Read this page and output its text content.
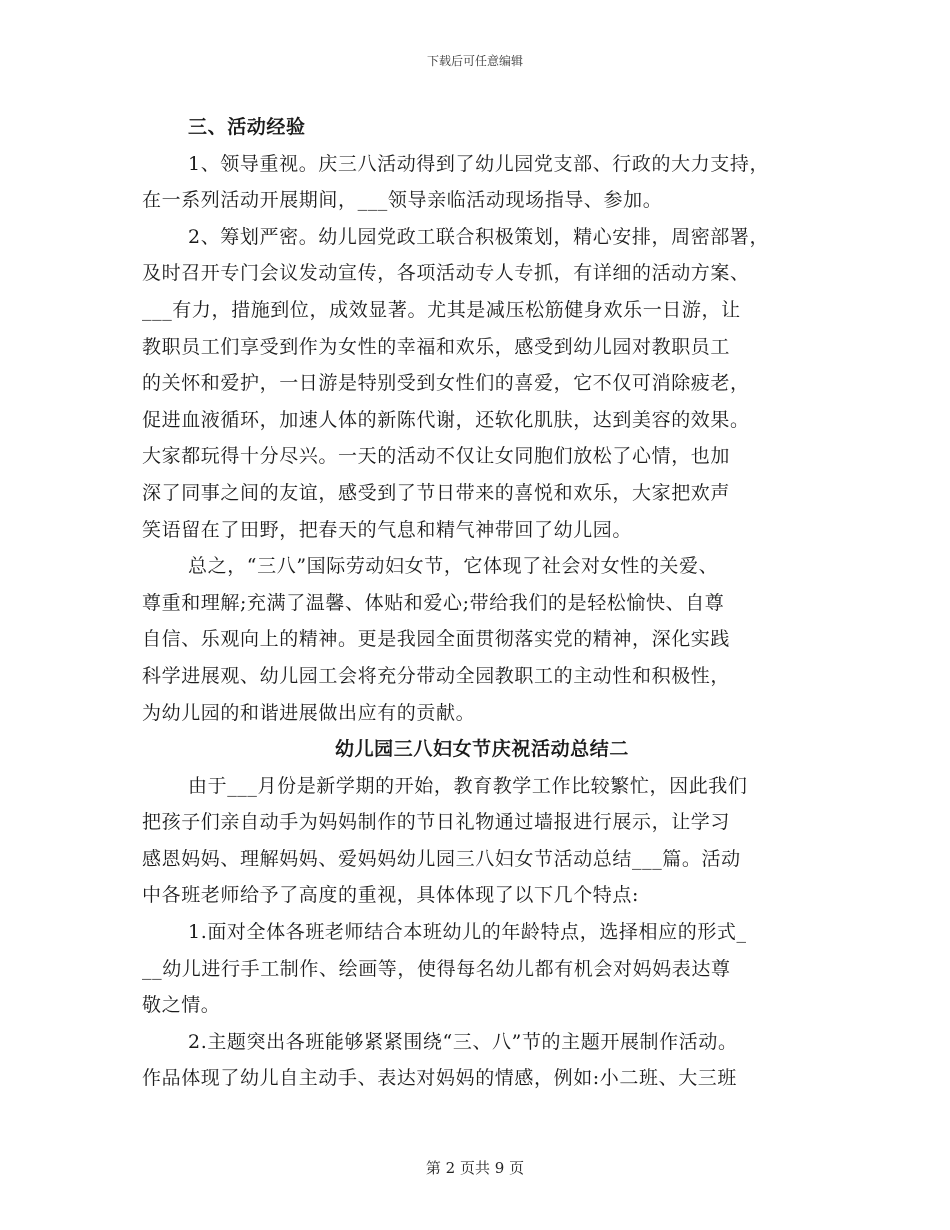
下载后可任意编辑
三、活动经验
1、领导重视。庆三八活动得到了幼儿园党支部、行政的大力支持，
在一系列活动开展期间，___领导亲临活动现场指导、参加。
2、筹划严密。幼儿园党政工联合积极策划，精心安排，周密部署，
及时召开专门会议发动宣传，各项活动专人专抓，有详细的活动方案、
___有力，措施到位，成效显著。尤其是减压松筋健身欢乐一日游，让
教职员工们享受到作为女性的幸福和欢乐，感受到幼儿园对教职员工
的关怀和爱护，一日游是特别受到女性们的喜爱，它不仅可消除疲老，
促进血液循环，加速人体的新陈代谢，还软化肌肤，达到美容的效果。
大家都玩得十分尽兴。一天的活动不仅让女同胞们放松了心情，也加
深了同事之间的友谊，感受到了节日带来的喜悦和欢乐，大家把欢声
笑语留在了田野，把春天的气息和精气神带回了幼儿园。
总之，“三八”国际劳动妇女节，它体现了社会对女性的关爱、
尊重和理解;充满了温馨、体贴和爱心;带给我们的是轻松愉快、自尊
自信、乐观向上的精神。更是我园全面贯彻落实党的精神，深化实践
科学进展观、幼儿园工会将充分带动全园教职工的主动性和积极性，
为幼儿园的和谐进展做出应有的贡献。
幼儿园三八妇女节庆祝活动总结二
由于___月份是新学期的开始，教育教学工作比较繁忙，因此我们
把孩子们亲自动手为妈妈制作的节日礼物通过墙报进行展示，让学习
感恩妈妈、理解妈妈、爱妈妈幼儿园三八妇女节活动总结___篇。活动
中各班老师给予了高度的重视，具体体现了以下几个特点:
1.面对全体各班老师结合本班幼儿的年龄特点，选择相应的形式_
__幼儿进行手工制作、绘画等，使得每名幼儿都有机会对妈妈表达尊
敬之情。
2.主题突出各班能够紧紧围绕“三、八”节的主题开展制作活动。
作品体现了幼儿自主动手、表达对妈妈的情感，例如:小二班、大三班
第 2 页共 9 页
